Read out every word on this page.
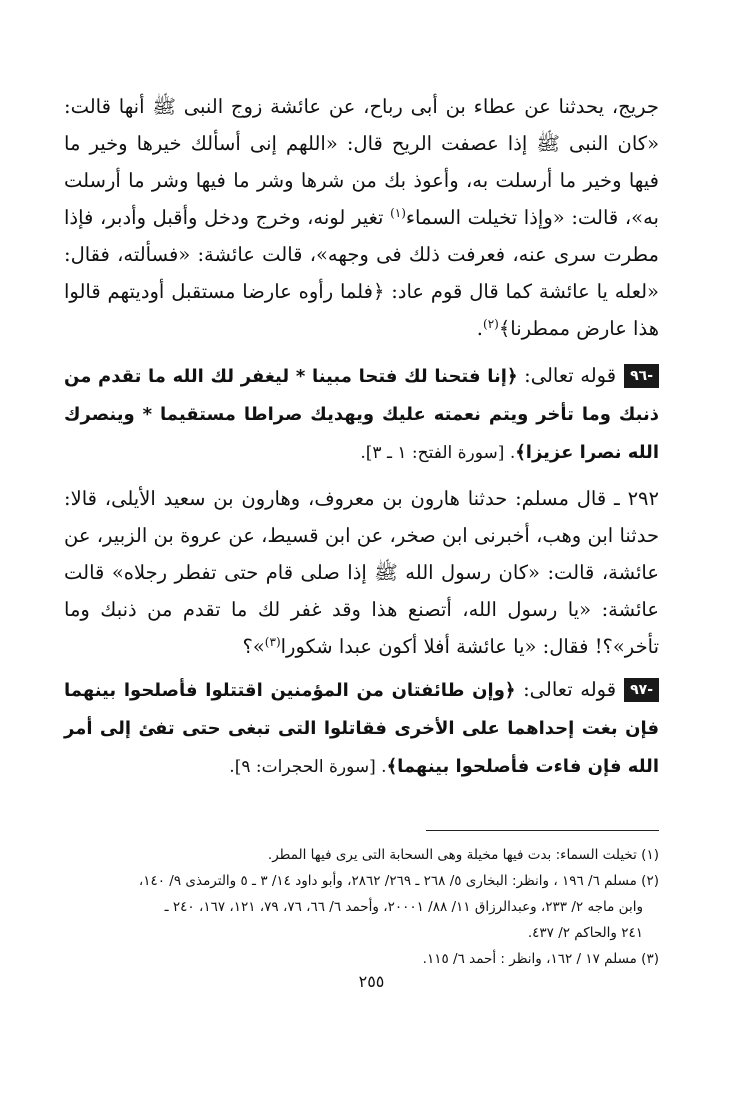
جريج، يحدثنا عن عطاء بن أبى رباح، عن عائشة زوج النبى ﷺ أنها قالت: «كان النبى ﷺ إذا عصفت الريح قال: «اللهم إنى أسألك خيرها وخير ما فيها وخير ما أرسلت به، وأعوذ بك من شرها وشر ما فيها وشر ما أرسلت به»، قالت: «وإذا تخيلت السماء$^{(١)}$ تغير لونه، وخرج ودخل وأقبل وأدبر، فإذا مطرت سرى عنه، فعرفت ذلك فى وجهه»، قالت عائشة: «فسألته، فقال: «لعله يا عائشة كما قال قوم عاد: ﴿فلما رأوه عارضا مستقبل أوديتهم قالوا هذا عارض ممطرنا﴾$^{(٢)}$.

-٩٦قوله تعالى: ﴿إنا فتحنا لك فتحا مبينا * ليغفر لك الله ما تقدم من ذنبك وما تأخر ويتم نعمته عليك ويهديك صراطا مستقيما * وينصرك الله نصرا عزيزا﴾. [سورة الفتح: ١ ـ ٣].

٢٩٢ ـ قال مسلم: حدثنا هارون بن معروف، وهارون بن سعيد الأيلى، قالا: حدثنا ابن وهب، أخبرنى ابن صخر، عن ابن قسيط، عن عروة بن الزبير، عن عائشة، قالت: «كان رسول الله ﷺ إذا صلى قام حتى تفطر رجلاه» قالت عائشة: «يا رسول الله، أتصنع هذا وقد غفر لك ما تقدم من ذنبك وما تأخر»؟! فقال: «يا عائشة أفلا أكون عبدا شكورا$^{(٣)}$»؟

-٩٧قوله تعالى: ﴿وإن طائفتان من المؤمنين اقتتلوا فأصلحوا بينهما فإن بغت إحداهما على الأخرى فقاتلوا التى تبغى حتى تفئ إلى أمر الله فإن فاءت فأصلحوا بينهما﴾. [سورة الحجرات: ٩].

(١) تخيلت السماء: بدت فيها مخيلة وهى السحابة التى يرى فيها المطر.

(٢) مسلم ٦/ ١٩٦ ، وانظر: البخارى ٥/ ٢٦٨ ـ ٢٦٩/ ٢٨٦٢، وأبو داود ١٤/ ٣ ـ ٥ والترمذى ٩/ ١٤٠،

وابن ماجه ٢/ ٢٣٣، وعبدالرزاق ١١/ ٨٨/ ٢٠٠٠١، وأحمد ٦/ ٦٦، ٧٦، ٧٩، ١٢١، ١٦٧، ٢٤٠ ـ

٢٤١ والحاكم ٢/ ٤٣٧.

(٣) مسلم ١٧ / ١٦٢، وانظر : أحمد ٦/ ١١٥.

٢٥٥
